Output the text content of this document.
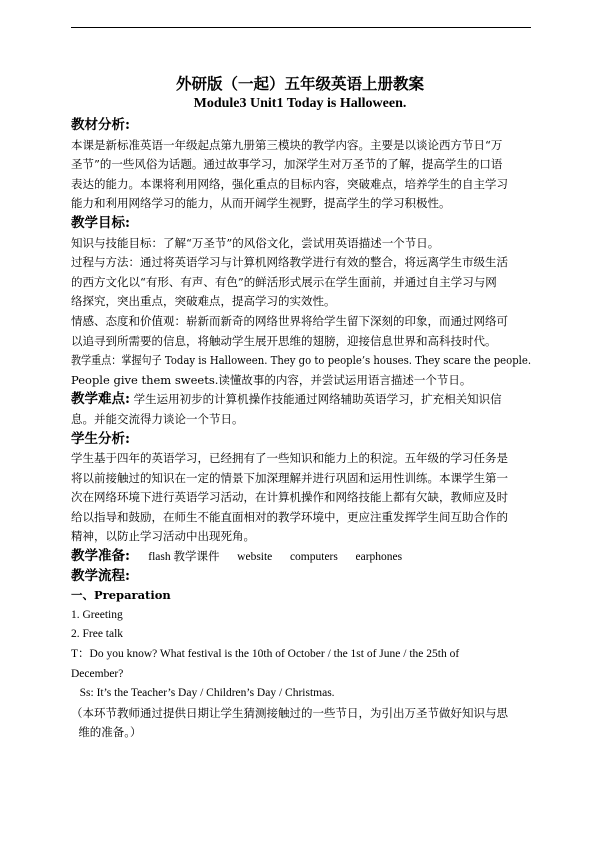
外研版（一起）五年级英语上册教案
Module3 Unit1 Today is Halloween.
教材分析:
本课是新标准英语一年级起点第九册第三模块的教学内容。主要是以谈论西方节日“万
圣节”的一些风俗为话题。通过故事学习，加深学生对万圣节的了解，提高学生的口语
表达的能力。本课将利用网络，强化重点的目标内容，突破难点，培养学生的自主学习
能力和利用网络学习的能力，从而开阔学生视野，提高学生的学习积极性。
教学目标:
知识与技能目标：了解“万圣节”的风俗文化，尝试用英语描述一个节日。
过程与方法：通过将英语学习与计算机网络教学进行有效的整合，将远离学生市级生活
的西方文化以“有形、有声、有色”的鲜活形式展示在学生面前，并通过自主学习与网
络探究，突出重点，突破难点，提高学习的实效性。
情感、态度和价值观：崭新而新奇的网络世界将给学生留下深刻的印象，而通过网络可
以追寻到所需要的信息，将触动学生展开思维的翅膀，迎接信息世界和高科技时代。
教学重点：掌握句子 Today is Halloween. They go to people’s houses. They scare the people.
People give them sweets.读懂故事的内容，并尝试运用语言描述一个节日。
教学难点: 学生运用初步的计算机操作技能通过网络辅助英语学习，扩充相关知识信
息。并能交流得力谈论一个节日。
学生分析:
学生基于四年的英语学习，已经拥有了一些知识和能力上的积淀。五年级的学习任务是
将以前接触过的知识在一定的情景下加深理解并进行巩固和运用性训练。本课学生第一
次在网络环境下进行英语学习活动，在计算机操作和网络技能上都有欠缺，教师应及时
给以指导和鼓励，在师生不能直面相对的教学环境中，更应注重发挥学生间互助合作的
精神，以防止学习活动中出现死角。
教学准备: flash 教学课件 website computers earphones
教学流程:
一、Preparation
1. Greeting
2. Free talk
T：Do you know? What festival is the 10th of October / the 1st of June / the 25th of
December?
Ss: It’s the Teacher’s Day / Children’s Day / Christmas.
（本环节教师通过提供日期让学生猜测接触过的一些节日，为引出万圣节做好知识与思
维的准备。）
